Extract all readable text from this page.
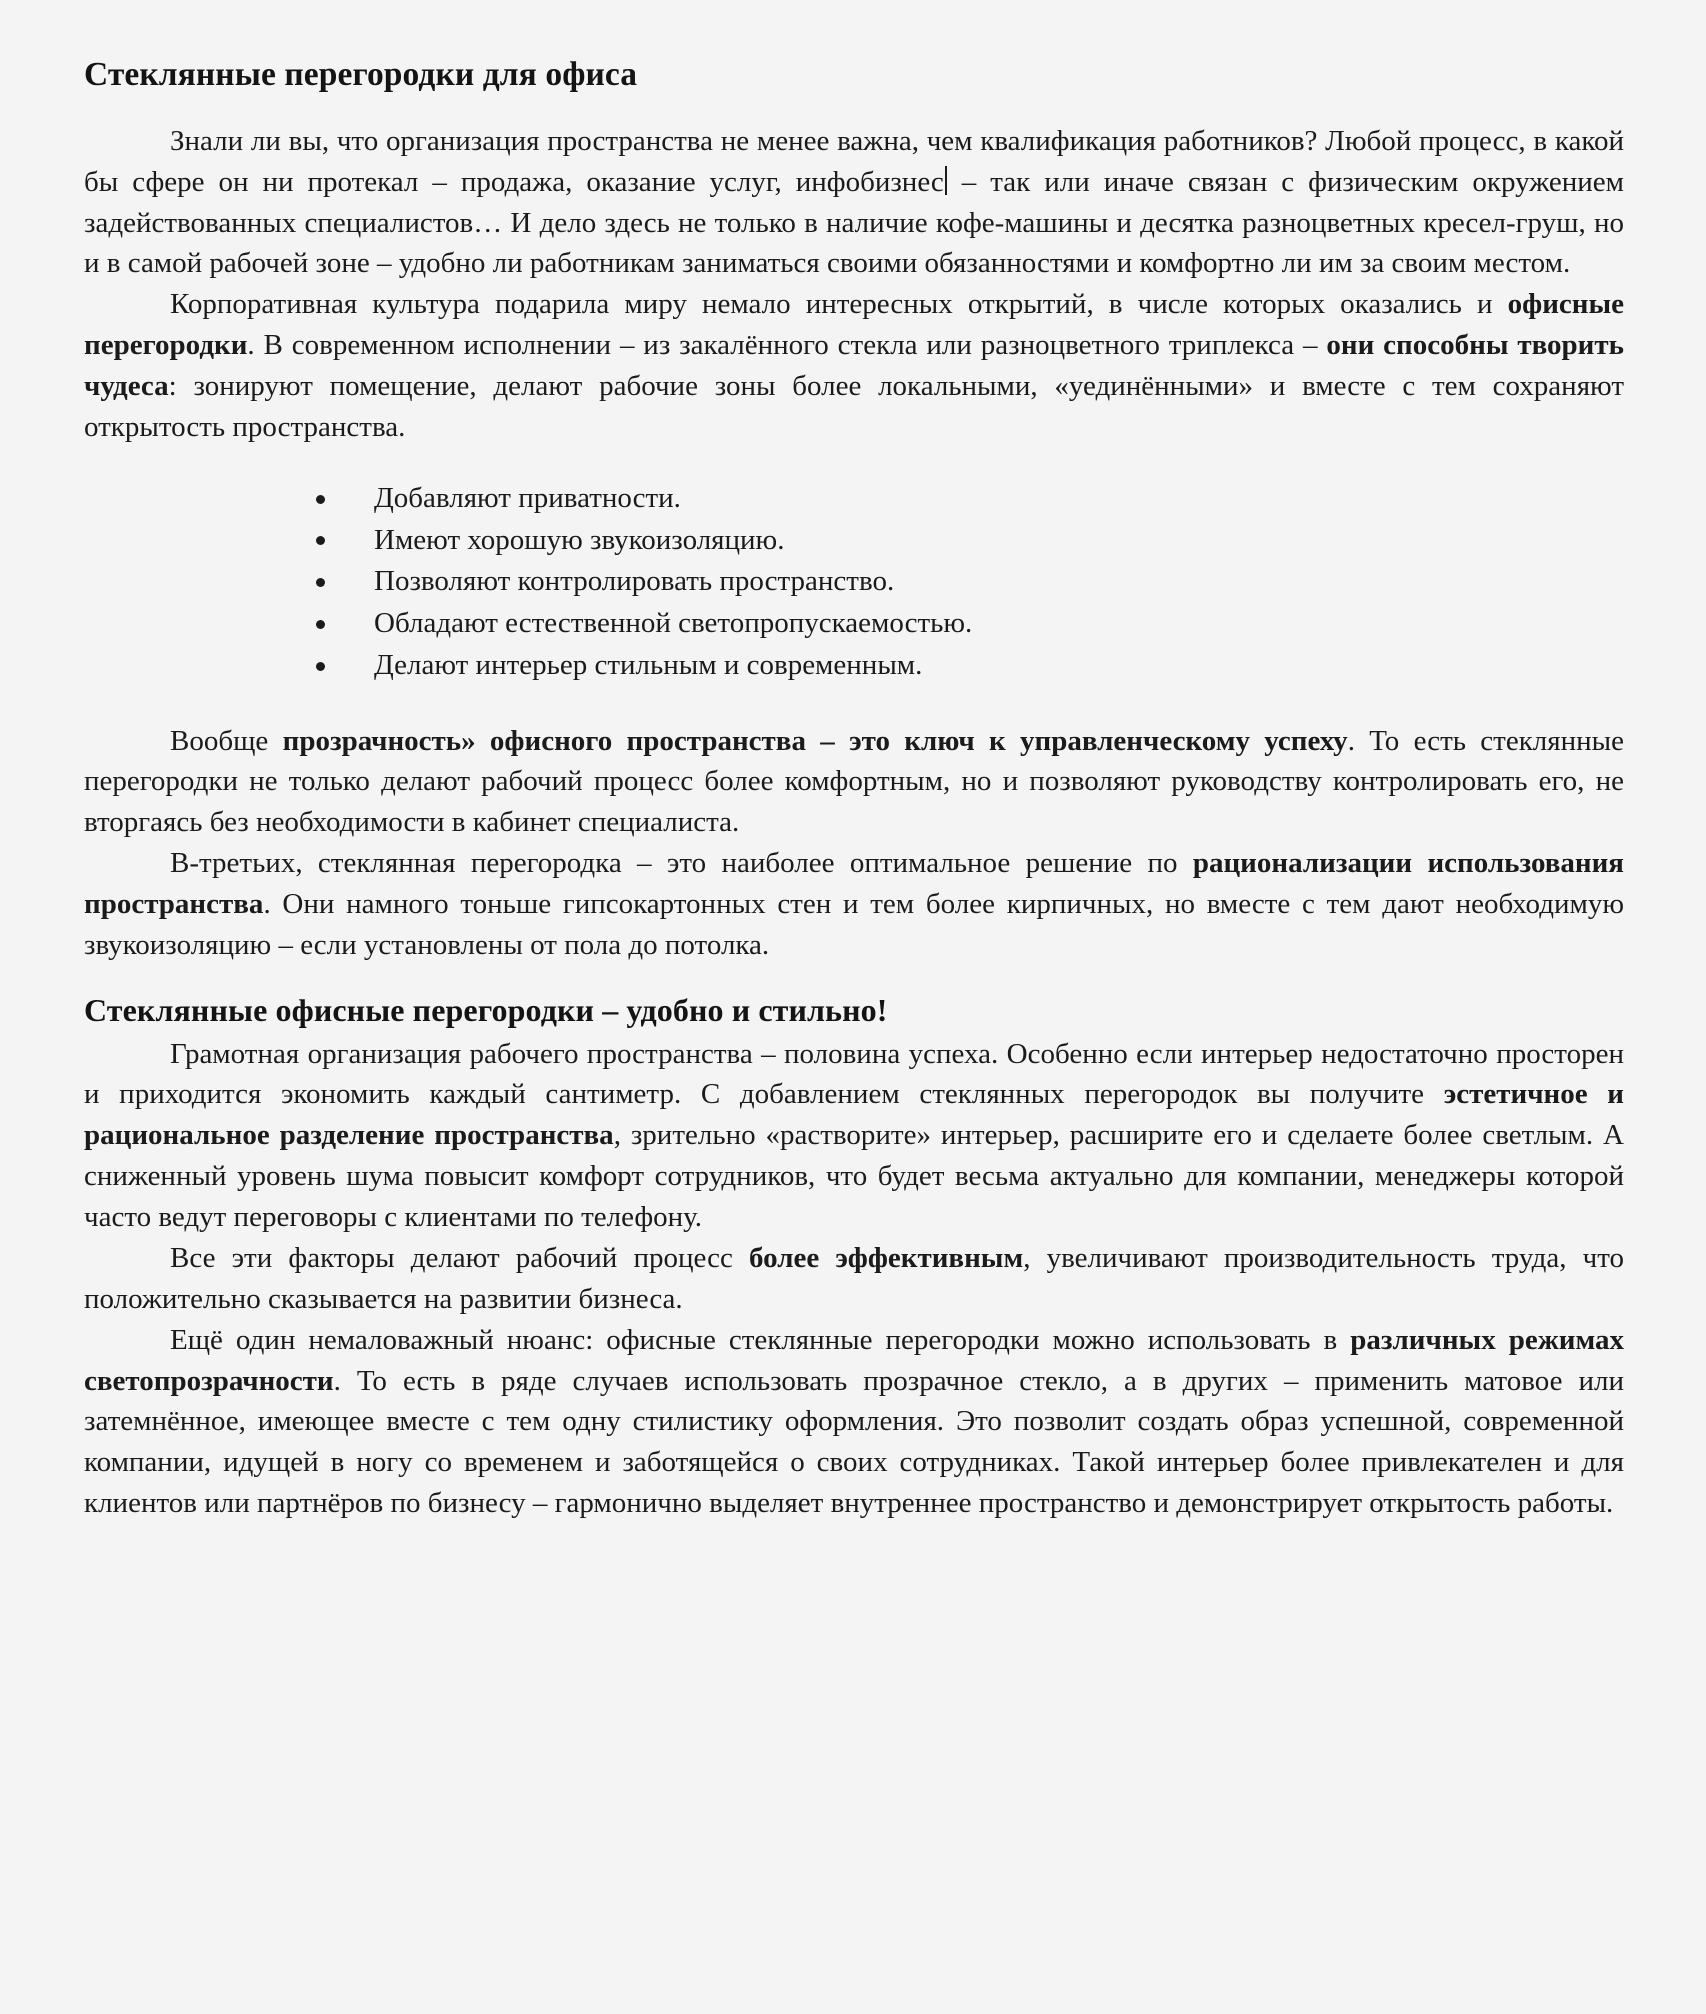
Стеклянные перегородки для офиса

Знали ли вы, что организация пространства не менее важна, чем квалификация работников? Любой процесс, в какой бы сфере он ни протекал – продажа, оказание услуг, инфобизнес – так или иначе связан с физическим окружением задействованных специалистов… И дело здесь не только в наличие кофе-машины и десятка разноцветных кресел-груш, но и в самой рабочей зоне – удобно ли работникам заниматься своими обязанностями и комфортно ли им за своим местом.

Корпоративная культура подарила миру немало интересных открытий, в числе которых оказались и офисные перегородки. В современном исполнении – из закалённого стекла или разноцветного триплекса – они способны творить чудеса: зонируют помещение, делают рабочие зоны более локальными, «уединёнными» и вместе с тем сохраняют открытость пространства.

Добавляют приватности.
Имеют хорошую звукоизоляцию.
Позволяют контролировать пространство.
Обладают естественной светопропускаемостью.
Делают интерьер стильным и современным.

Вообще прозрачность» офисного пространства – это ключ к управленческому успеху. То есть стеклянные перегородки не только делают рабочий процесс более комфортным, но и позволяют руководству контролировать его, не вторгаясь без необходимости в кабинет специалиста.

В-третьих, стеклянная перегородка – это наиболее оптимальное решение по рационализации использования пространства. Они намного тоньше гипсокартонных стен и тем более кирпичных, но вместе с тем дают необходимую звукоизоляцию – если установлены от пола до потолка.

Стеклянные офисные перегородки – удобно и стильно!

Грамотная организация рабочего пространства – половина успеха. Особенно если интерьер недостаточно просторен и приходится экономить каждый сантиметр. С добавлением стеклянных перегородок вы получите эстетичное и рациональное разделение пространства, зрительно «растворите» интерьер, расширите его и сделаете более светлым. А сниженный уровень шума повысит комфорт сотрудников, что будет весьма актуально для компании, менеджеры которой часто ведут переговоры с клиентами по телефону.

Все эти факторы делают рабочий процесс более эффективным, увеличивают производительность труда, что положительно сказывается на развитии бизнеса.

Ещё один немаловажный нюанс: офисные стеклянные перегородки можно использовать в различных режимах светопрозрачности. То есть в ряде случаев использовать прозрачное стекло, а в других – применить матовое или затемнённое, имеющее вместе с тем одну стилистику оформления. Это позволит создать образ успешной, современной компании, идущей в ногу со временем и заботящейся о своих сотрудниках. Такой интерьер более привлекателен и для клиентов или партнёров по бизнесу – гармонично выделяет внутреннее пространство и демонстрирует открытость работы.
